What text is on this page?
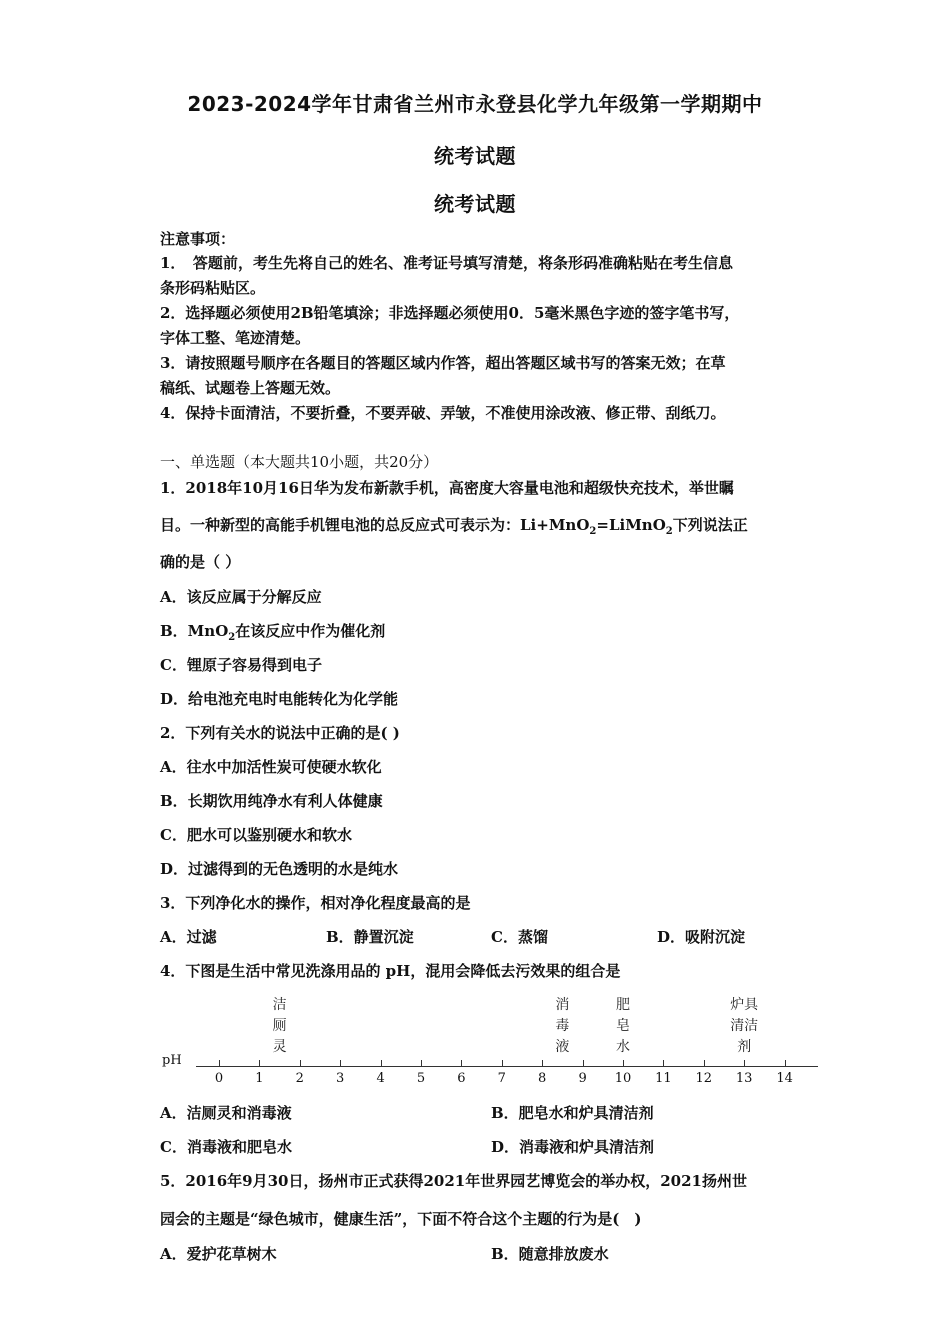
2023-2024学年甘肃省兰州市永登县化学九年级第一学期期中
统考试题
统考试题
注意事项：
1．　答题前，考生先将自己的姓名、准考证号填写清楚，将条形码准确粘贴在考生信息
条形码粘贴区。
2．选择题必须使用2B铅笔填涂；非选择题必须使用0．5毫米黑色字迹的签字笔书写，
字体工整、笔迹清楚。
3．请按照题号顺序在各题目的答题区域内作答，超出答题区域书写的答案无效；在草
稿纸、试题卷上答题无效。
4．保持卡面清洁，不要折叠，不要弄破、弄皱，不准使用涂改液、修正带、刮纸刀。
一、单选题（本大题共10小题，共20分）
1．2018年10月16日华为发布新款手机，高密度大容量电池和超级快充技术，举世瞩
目。一种新型的高能手机锂电池的总反应式可表示为：Li+MnO$_2$=LiMnO$_2$下列说法正
确的是（ ）
A．该反应属于分解反应
B．MnO$_2$在该反应中作为催化剂
C．锂原子容易得到电子
D．给电池充电时电能转化为化学能
2．下列有关水的说法中正确的是( )
A．往水中加活性炭可使硬水软化
B．长期饮用纯净水有利人体健康
C．肥水可以鉴别硬水和软水
D．过滤得到的无色透明的水是纯水
3．下列净化水的操作，相对净化程度最高的是
A．过滤	B．静置沉淀	C．蒸馏	D．吸附沉淀
4．下图是生活中常见洗涤用品的 pH，混用会降低去污效果的组合是
pH
0	1	2	3	4	5	6	7	8	9	10 11 12 13 14
洁
厕
灵
消
毒
液
肥
皂
水
炉具
清洁
剂
A．洁厕灵和消毒液	B．肥皂水和炉具清洁剂
C．消毒液和肥皂水	D．消毒液和炉具清洁剂
5．2016年9月30日，扬州市正式获得2021年世界园艺博览会的举办权，2021扬州世
园会的主题是“绿色城市，健康生活”，下面不符合这个主题的行为是(　)
A．爱护花草树木	B．随意排放废水
